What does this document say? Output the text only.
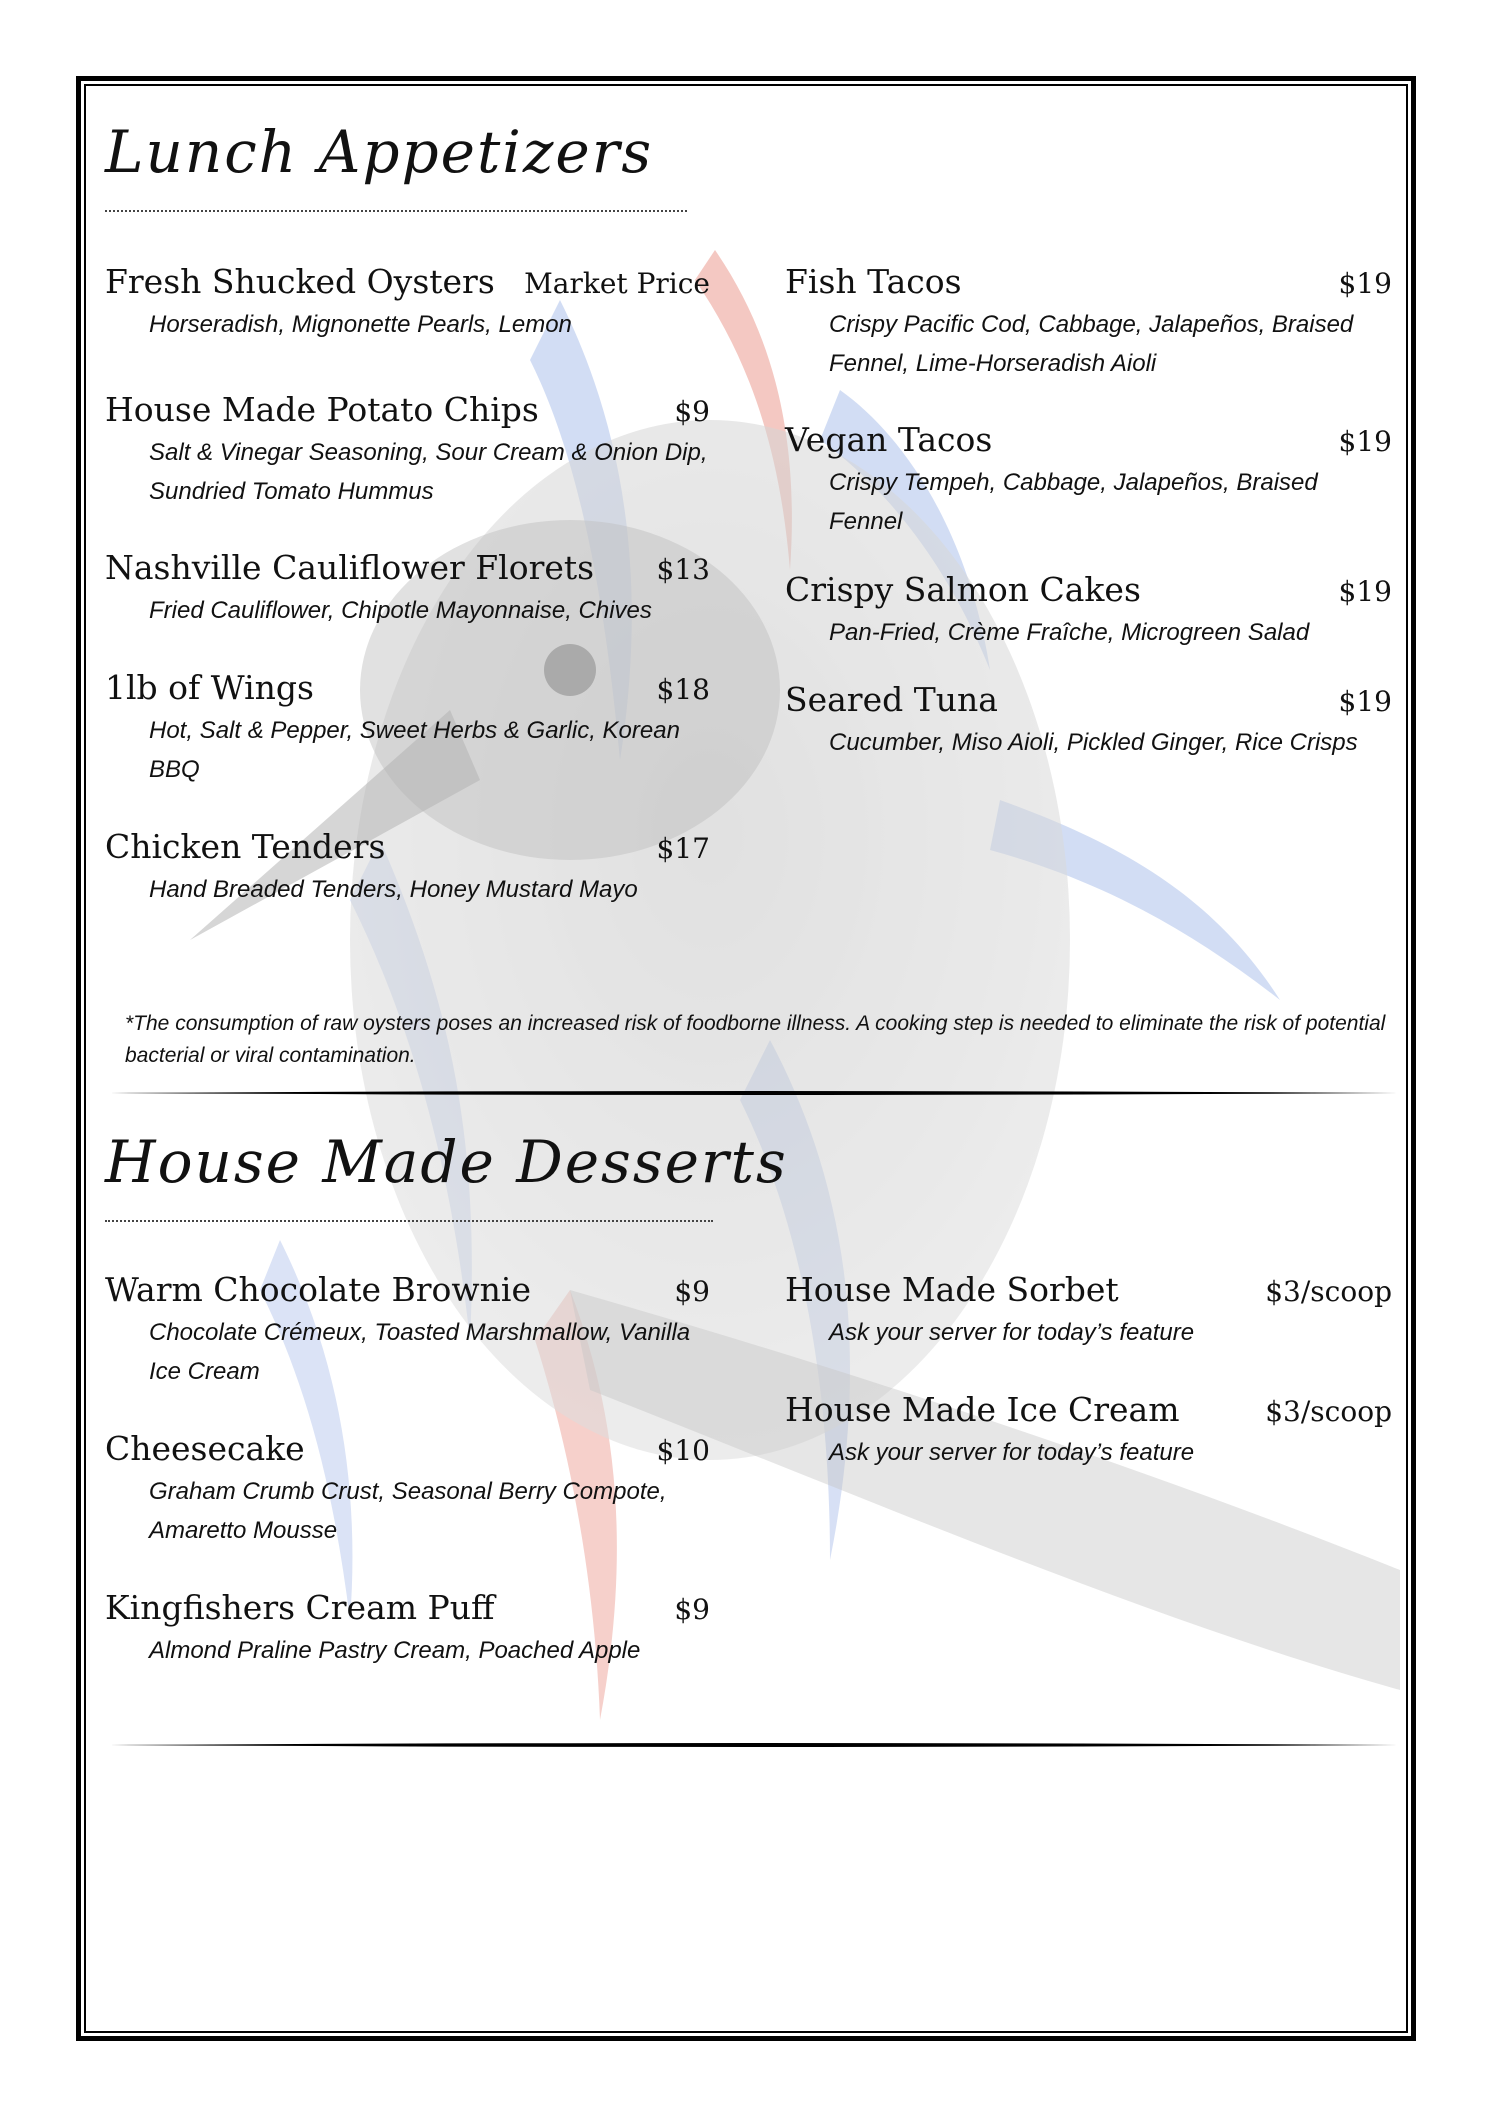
Lunch Appetizers
Fresh Shucked Oysters Market Price
Horseradish, Mignonette Pearls, Lemon
House Made Potato Chips	$9
Salt & Vinegar Seasoning, Sour Cream & Onion Dip, Sundried Tomato Hummus
Nashville Cauliflower Florets $13
Fried Cauliflower, Chipotle Mayonnaise, Chives
1lb of Wings	$18
Hot, Salt & Pepper, Sweet Herbs & Garlic, Korean BBQ
Chicken Tenders	$17
Hand Breaded Tenders, Honey Mustard Mayo
Fish Tacos	$19
Crispy Pacific Cod, Cabbage, Jalapeños, Braised Fennel, Lime-Horseradish Aioli
Vegan Tacos	$19
Crispy Tempeh, Cabbage, Jalapeños, Braised Fennel
Crispy Salmon Cakes	$19
Pan-Fried, Crème Fraîche, Microgreen Salad
Seared Tuna	$19
Cucumber, Miso Aioli, Pickled Ginger, Rice Crisps
*The consumption of raw oysters poses an increased risk of foodborne illness. A cooking step is needed to eliminate the risk of potential bacterial or viral contamination.
House Made Desserts
Warm Chocolate Brownie	$9
Chocolate Crémeux, Toasted Marshmallow, Vanilla Ice Cream
Cheesecake	$10
Graham Crumb Crust, Seasonal Berry Compote, Amaretto Mousse
Kingfishers Cream Puff	$9
Almond Praline Pastry Cream, Poached Apple
House Made Sorbet	$3/scoop
Ask your server for today’s feature
House Made Ice Cream	$3/scoop
Ask your server for today’s feature
